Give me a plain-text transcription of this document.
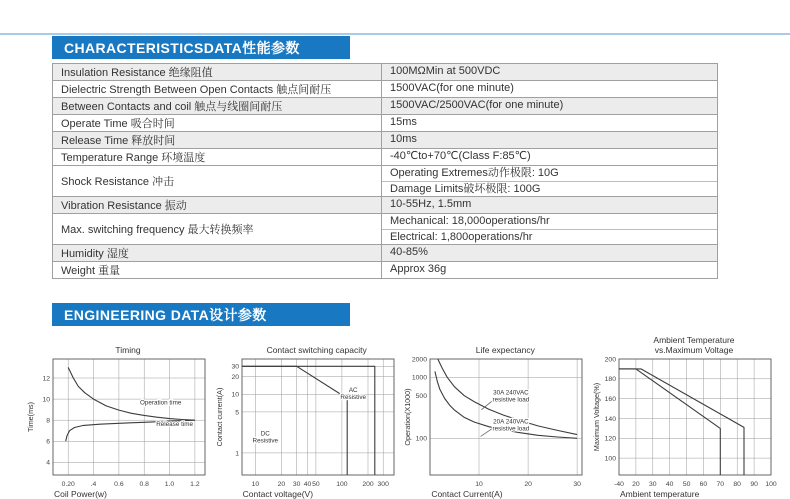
CHARACTERISTICSDATA性能参数
Insulation Resistance 绝缘阻值	100MΩMin at 500VDC
Dielectric Strength Between Open Contacts 触点间耐压	1500VAC(for one minute)
Between Contacts and coil 触点与线圈间耐压	1500VAC/2500VAC(for one minute)
Operate Time 吸合时间	15ms
Release Time 释放时间	10ms
Temperature Range 环境温度	-40℃to+70℃(Class F:85℃)
Shock Resistance 冲击
Operating Extremes动作极限: 10G
Damage Limits破坏极限: 100G
Vibration Resistance 振动	10-55Hz, 1.5mm
Max. switching frequency 最大转换频率
Mechanical: 18,000operations/hr
Electrical: 1,800operations/hr
Humidity 湿度	40-85%
Weight 重量	Approx 36g
ENGINEERING DATA设计参数
Timing
0.20 .4	0.6 0.8 1.0 1.2
4
6
8
10
12
Time(ms)	Operation time
Release time
Coil Power(w)
Contact switching capacity
10	20 30 40 50 100 200 300
1
5
10
20
30
Contact current(A)	AC
Resistive
DC
Resistive
Contact voltage(V)
Life expectancy
10	20	30
100
500
1000
2000
Operation(X1000)	30A 240VAC
resistive load
20A 240VAC
resistive load
Contact Current(A)
Ambient Temperature
vs.Maximum Voltage
-40 20 30 40 50 60 70 80 90 100
100
120
140
160
180
200
Maximum Voltage(%)
Ambient temperature
